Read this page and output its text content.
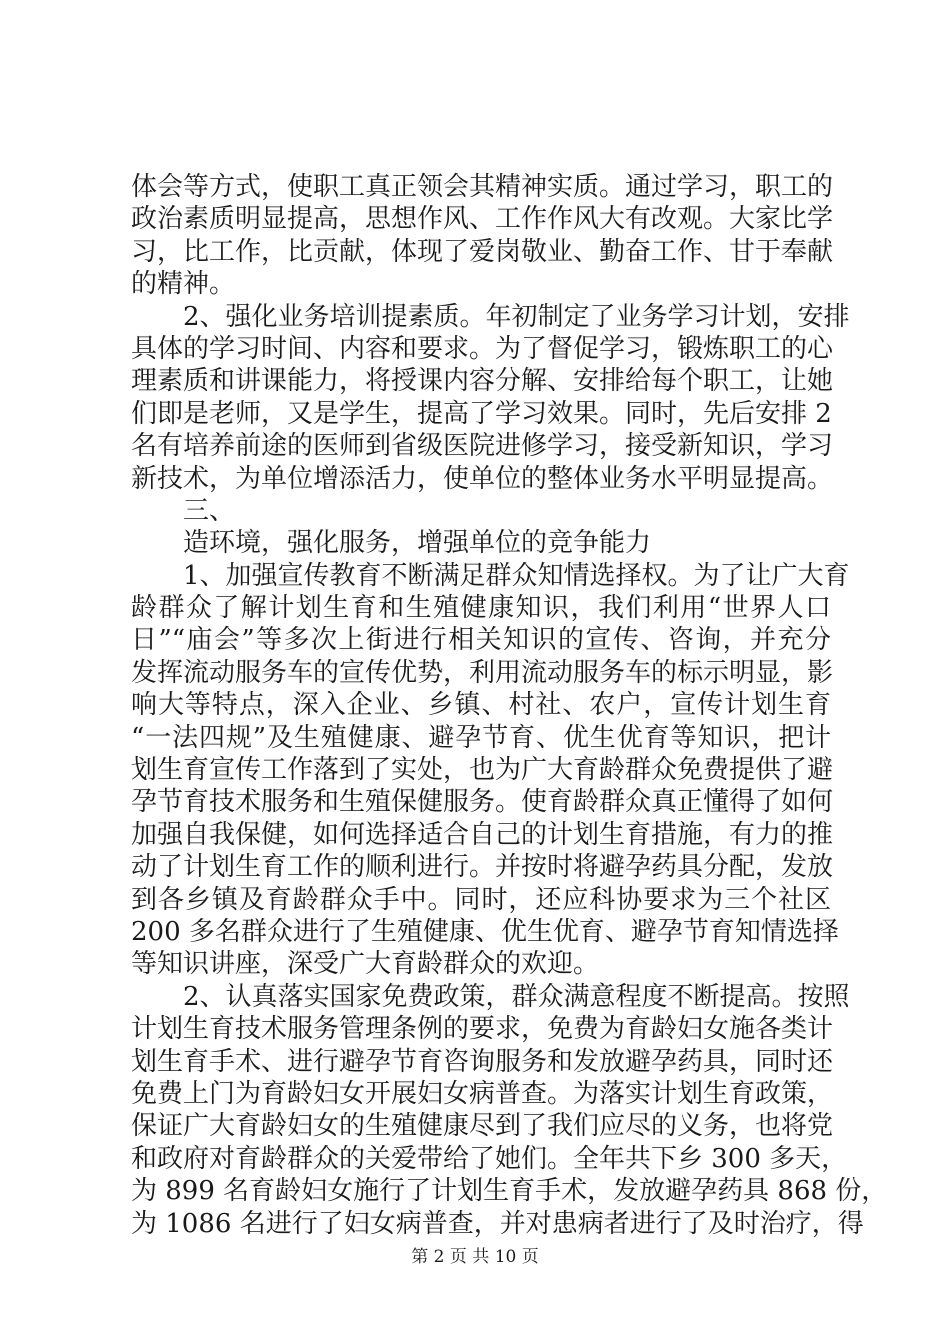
体会等方式，使职工真正领会其精神实质。通过学习，职工的
政治素质明显提高，思想作风、工作作风大有改观。大家比学
习，比工作，比贡献，体现了爱岗敬业、勤奋工作、甘于奉献
的精神。
2、强化业务培训提素质。年初制定了业务学习计划，安排
具体的学习时间、内容和要求。为了督促学习，锻炼职工的心
理素质和讲课能力，将授课内容分解、安排给每个职工，让她
们即是老师，又是学生，提高了学习效果。同时，先后安排 2
名有培养前途的医师到省级医院进修学习，接受新知识，学习
新技术，为单位增添活力，使单位的整体业务水平明显提高。
三、
造环境，强化服务，增强单位的竞争能力
1、加强宣传教育不断满足群众知情选择权。为了让广大育
龄群众了解计划生育和生殖健康知识，我们利用“世界人口
日”“庙会”等多次上街进行相关知识的宣传、咨询，并充分
发挥流动服务车的宣传优势，利用流动服务车的标示明显，影
响大等特点，深入企业、乡镇、村社、农户，宣传计划生育
“一法四规”及生殖健康、避孕节育、优生优育等知识，把计
划生育宣传工作落到了实处，也为广大育龄群众免费提供了避
孕节育技术服务和生殖保健服务。使育龄群众真正懂得了如何
加强自我保健，如何选择适合自己的计划生育措施，有力的推
动了计划生育工作的顺利进行。并按时将避孕药具分配，发放
到各乡镇及育龄群众手中。同时，还应科协要求为三个社区
200 多名群众进行了生殖健康、优生优育、避孕节育知情选择
等知识讲座，深受广大育龄群众的欢迎。
2、认真落实国家免费政策，群众满意程度不断提高。按照
计划生育技术服务管理条例的要求，免费为育龄妇女施各类计
划生育手术、进行避孕节育咨询服务和发放避孕药具，同时还
免费上门为育龄妇女开展妇女病普查。为落实计划生育政策，
保证广大育龄妇女的生殖健康尽到了我们应尽的义务，也将党
和政府对育龄群众的关爱带给了她们。全年共下乡 300 多天，
为 899 名育龄妇女施行了计划生育手术，发放避孕药具 868 份，
为 1086 名进行了妇女病普查，并对患病者进行了及时治疗，得
第 2 页 共 10 页
